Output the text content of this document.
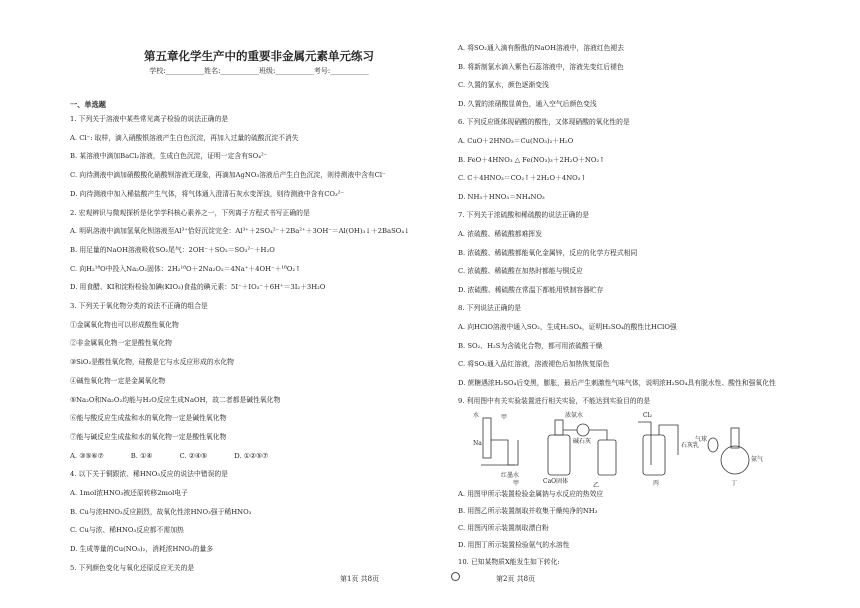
第五章化学生产中的重要非金属元素单元练习
学校:___________姓名:___________班级:___________考号:___________
一、单选题
1. 下列关于溶液中某些常见离子检验的说法正确的是
A. Cl⁻: 取样，滴入硝酸银溶液产生白色沉淀，再加入过量的硫酸沉淀不消失
B. 某溶液中滴加BaCl₂溶液，生成白色沉淀，证明一定含有SO₄²⁻
C. 向待测液中滴加硝酸酸化硝酸钡溶液无现象，再滴加AgNO₃溶液后产生白色沉淀，则待测液中含有Cl⁻
D. 向待测液中加入稀盐酸产生气体，将气体通入澄清石灰水变浑浊，则待测液中含有CO₃²⁻
2. 宏观辨识与微观探析是化学学科核心素养之一，下列离子方程式书写正确的是
A. 明矾溶液中滴加氢氧化钡溶液至Al³⁺恰好沉淀完全：Al³⁺＋2SO₄²⁻＋2Ba²⁺＋3OH⁻＝Al(OH)₃↓＋2BaSO₄↓
B. 用足量的NaOH溶液吸收SO₂尾气：2OH⁻＋SO₂＝SO₃²⁻＋H₂O
C. 向H₂¹⁸O中投入Na₂O₂固体：2H₂¹⁸O＋2Na₂O₂＝4Na⁺＋4OH⁻＋¹⁸O₂↑
D. 用食醋、KI和淀粉检验加碘(KIO₃)食盐的碘元素：5I⁻＋IO₃⁻＋6H⁺＝3I₂＋3H₂O
3. 下列关于氧化物分类的说法不正确的组合是
①金属氧化物也可以形成酸性氧化物
②非金属氧化物一定是酸性氧化物
③SiO₂是酸性氧化物，硅酸是它与水反应形成的水化物
④碱性氧化物一定是金属氧化物
⑤Na₂O和Na₂O₂均能与H₂O反应生成NaOH，故二者都是碱性氧化物
⑥能与酸反应生成盐和水的氧化物一定是碱性氧化物
⑦能与碱反应生成盐和水的氧化物一定是酸性氧化物
A. ③⑤⑥⑦　　　　B. ①④　　　　C. ②④⑤　　　　D. ①②⑤⑦
4. 以下关于铜跟浓、稀HNO₃反应的说法中错误的是
A. 1mol浓HNO₃被还原转移2mol电子
B. Cu与浓HNO₃反应剧烈，故氧化性浓HNO₃强于稀HNO₃
C. Cu与浓、稀HNO₃反应都不需加热
D. 生成等量的Cu(NO₃)₂，消耗浓HNO₃的量多
5. 下列颜色变化与氧化还原反应无关的是
A. 将SO₂通入滴有酚酞的NaOH溶液中，溶液红色褪去
B. 将新制氯水滴入紫色石蕊溶液中，溶液先变红后褪色
C. 久置的氯水，颜色逐渐变浅
D. 久置的浓硝酸显黄色，通入空气后颜色变浅
6. 下列反应既体现硝酸的酸性，又体现硝酸的氧化性的是
A. CuO＋2HNO₃＝Cu(NO₃)₂＋H₂O
B. FeO＋4HNO₃ △ Fe(NO₃)₃＋2H₂O＋NO₂↑
C. C＋4HNO₃＝CO₂↑＋2H₂O＋4NO₂↑
D. NH₃＋HNO₃＝NH₄NO₃
7. 下列关于浓硫酸和稀硫酸的说法正确的是
A. 浓硫酸、稀硫酸都难挥发
B. 浓硫酸、稀硫酸都能氧化金属锌，反应的化学方程式相同
C. 浓硫酸、稀硫酸在加热时都能与铜反应
D. 浓硫酸、稀硫酸在常温下都能用铁制容器贮存
8. 下列说法正确的是
A. 向HClO溶液中通入SO₂，生成H₂SO₄，证明H₂SO₄的酸性比HClO强
B. SO₂、H₂S为含硫化合物，都可用浓硫酸干燥
C. 将SO₂通入品红溶液，溶液褪色后加热恢复原色
D. 蔗糖遇浓H₂SO₄后变黑，膨胀，最后产生刺激性气味气体，说明浓H₂SO₄具有脱水性、酸性和强氧化性
9. 利用图中有关实验装置进行相关实验，不能达到实验目的的是
水	甲
Na
红墨水
甲
浓氨水
碱石灰
CaO固体
乙
Cl₂
石灰乳
丙
气球
氨气
丁
A. 用图甲所示装置检验金属钠与水反应的热效应
B. 用图乙所示装置制取并收集干燥纯净的NH₃
C. 用图丙所示装置制取漂白粉
D. 用图丁所示装置检验氨气的水溶性
10. 已知某物质X能发生如下转化:
第1页 共8页	第2页 共8页
